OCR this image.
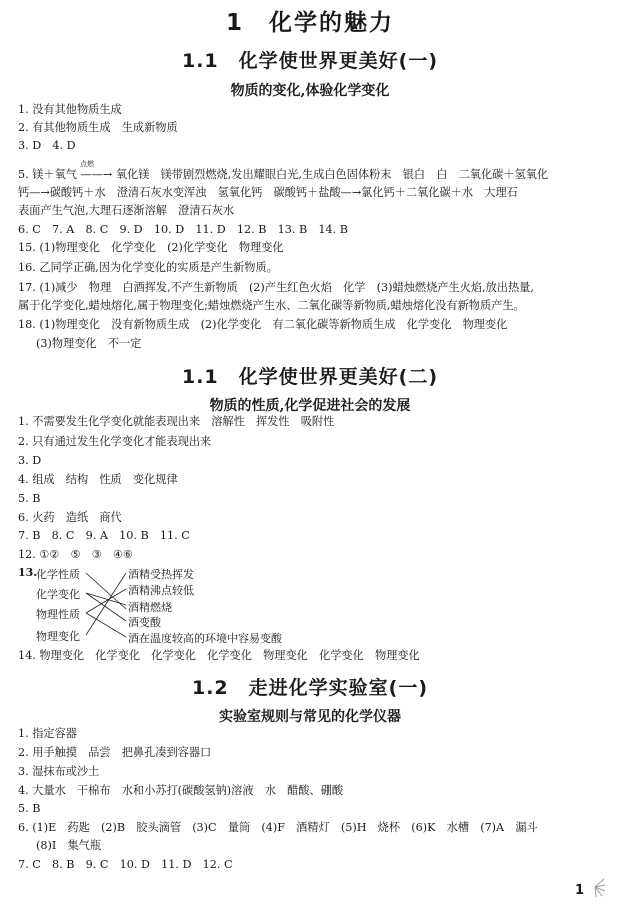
1　化学的魅力
1.1　化学使世界更美好(一)
物质的变化,体验化学变化
1. 没有其他物质生成
2. 有其他物质生成　生成新物质
3. D　4. D
5. 镁＋氧气 ——→ 氧化镁　镁带剧烈燃烧,发出耀眼白光,生成白色固体粉末　银白　白　二氧化碳＋氢氧化
点燃
钙—→碳酸钙＋水　澄清石灰水变浑浊　氢氧化钙　碳酸钙＋盐酸—→氯化钙＋二氧化碳＋水　大理石
表面产生气泡,大理石逐渐溶解　澄清石灰水
6. C　7. A　8. C　9. D　10. D　11. D　12. B　13. B　14. B
15. (1)物理变化　化学变化　(2)化学变化　物理变化
16. 乙同学正确,因为化学变化的实质是产生新物质。
17. (1)减少　物理　白酒挥发,不产生新物质　(2)产生红色火焰　化学　(3)蜡烛燃烧产生火焰,放出热量,
属于化学变化,蜡烛熔化,属于物理变化;蜡烛燃烧产生水、二氧化碳等新物质,蜡烛熔化没有新物质产生。
18. (1)物理变化　没有新物质生成　(2)化学变化　有二氧化碳等新物质生成　化学变化　物理变化
(3)物理变化　不一定
1.1　化学使世界更美好(二)
物质的性质,化学促进社会的发展
1. 不需要发生化学变化就能表现出来　溶解性　挥发性　吸附性
2. 只有通过发生化学变化才能表现出来
3. D
4. 组成　结构　性质　变化规律
5. B
6. 火药　造纸　商代
7. B　8. C　9. A　10. B　11. C
12. ①②　⑤　③　④⑥
13.
化学性质
化学变化
物理性质
物理变化
酒精受热挥发
酒精沸点较低
酒精燃烧
酒变酸
酒在温度较高的环境中容易变酸
14. 物理变化　化学变化　化学变化　化学变化　物理变化　化学变化　物理变化
1.2　走进化学实验室(一)
实验室规则与常见的化学仪器
1. 指定容器
2. 用手触摸　品尝　把鼻孔凑到容器口
3. 湿抹布或沙土
4. 大量水　干棉布　水和小苏打(碳酸氢钠)溶液　水　醋酸、硼酸
5. B
6. (1)E　药匙　(2)B　胶头滴管　(3)C　量筒　(4)F　酒精灯　(5)H　烧杯　(6)K　水槽　(7)A　漏斗
(8)I　集气瓶
7. C　8. B　9. C　10. D　11. D　12. C
1
